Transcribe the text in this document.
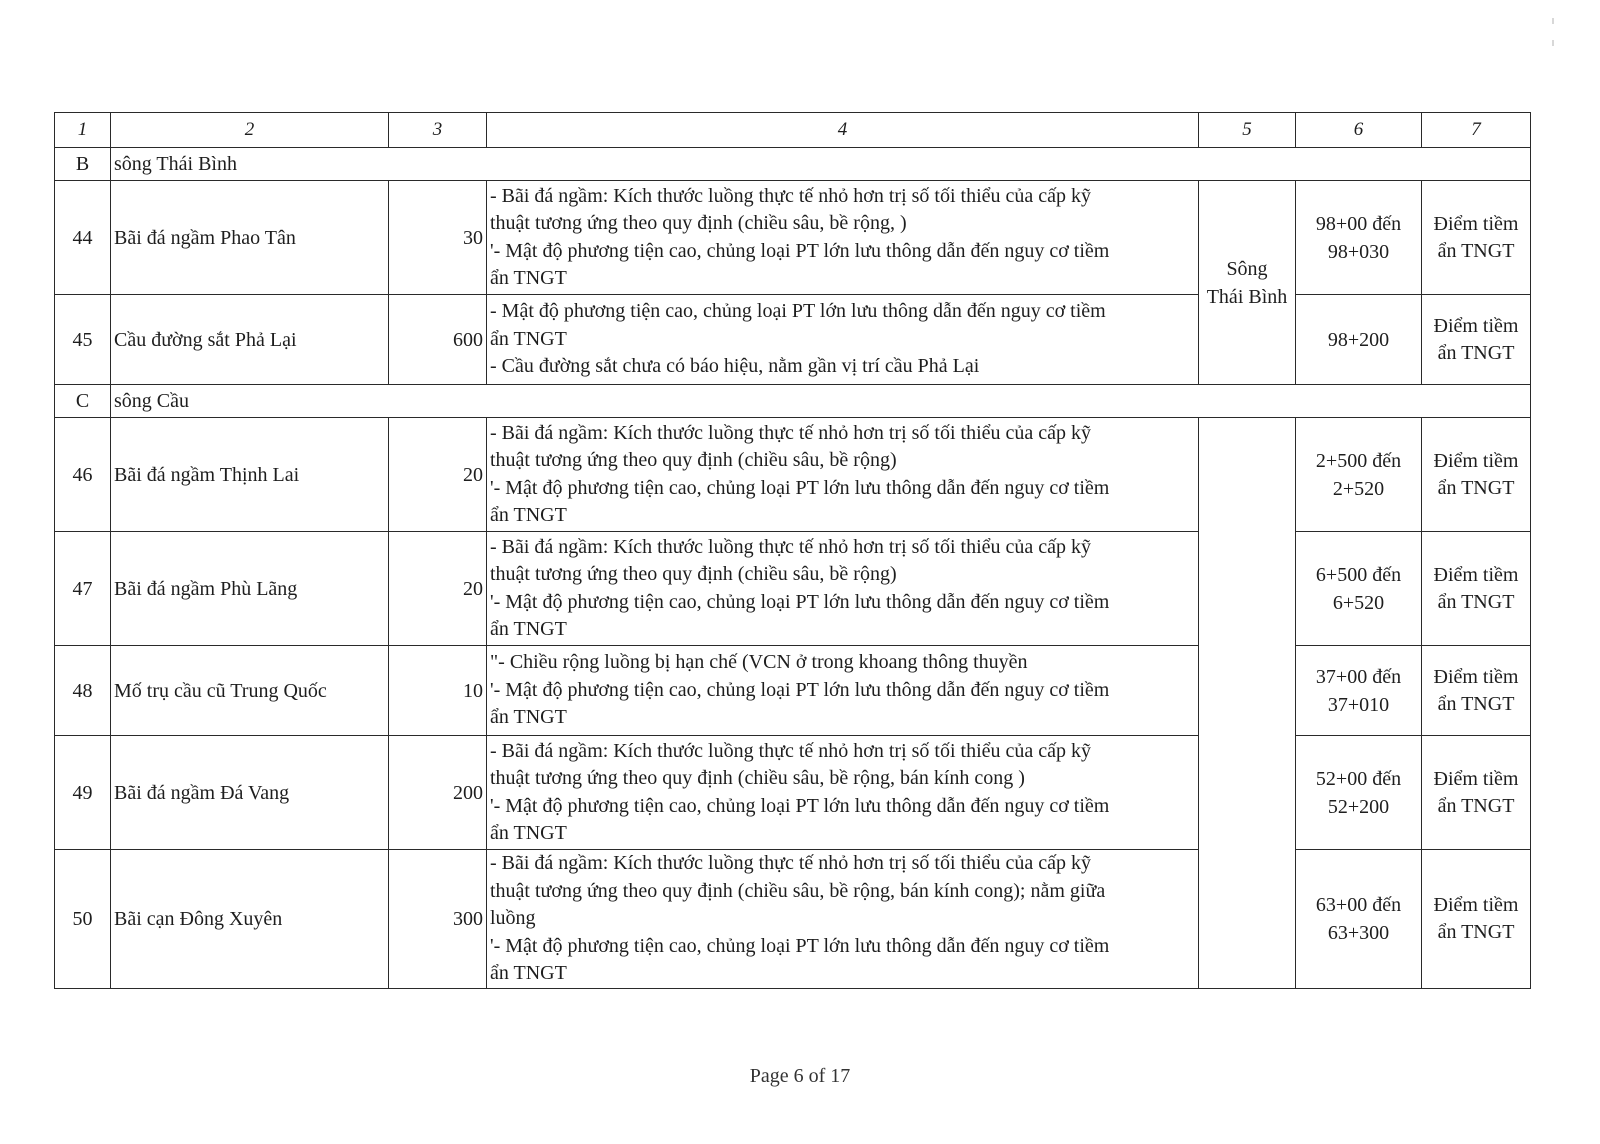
1	2	3	4	5	6	7
B	sông Thái Bình					
44	Bãi đá ngầm Phao Tân	30	- Bãi đá ngầm: Kích thước luồng thực tế nhỏ hơn trị số tối thiểu của cấp kỹ
thuật tương ứng theo quy định (chiều sâu, bề rộng, )
'- Mật độ phương tiện cao, chủng loại PT lớn lưu thông dẫn đến nguy cơ tiềm
ẩn TNGT	Sông
Thái Bình	98+00 đến
98+030	Điểm tiềm
ẩn TNGT

45	Cầu đường sắt Phả Lại	600	- Mật độ phương tiện cao, chủng loại PT lớn lưu thông dẫn đến nguy cơ tiềm
ẩn TNGT
- Cầu đường sắt chưa có báo hiệu, nằm gần vị trí cầu Phả Lại		98+200	Điểm tiềm
ẩn TNGT

C	sông Cầu					
46	Bãi đá ngầm Thịnh Lai	20	- Bãi đá ngầm: Kích thước luồng thực tế nhỏ hơn trị số tối thiểu của cấp kỹ
thuật tương ứng theo quy định (chiều sâu, bề rộng)
'- Mật độ phương tiện cao, chủng loại PT lớn lưu thông dẫn đến nguy cơ tiềm
ẩn TNGT		2+500 đến
2+520	Điểm tiềm
ẩn TNGT

47	Bãi đá ngầm Phù Lãng	20	- Bãi đá ngầm: Kích thước luồng thực tế nhỏ hơn trị số tối thiểu của cấp kỹ
thuật tương ứng theo quy định (chiều sâu, bề rộng)
'- Mật độ phương tiện cao, chủng loại PT lớn lưu thông dẫn đến nguy cơ tiềm
ẩn TNGT		6+500 đến
6+520	Điểm tiềm
ẩn TNGT

48	Mố trụ cầu cũ Trung Quốc	10	"- Chiều rộng luồng bị hạn chế (VCN ở trong khoang thông thuyền
'- Mật độ phương tiện cao, chủng loại PT lớn lưu thông dẫn đến nguy cơ tiềm
ẩn TNGT		37+00 đến
37+010	Điểm tiềm
ẩn TNGT

49	Bãi đá ngầm Đá Vang	200	- Bãi đá ngầm: Kích thước luồng thực tế nhỏ hơn trị số tối thiểu của cấp kỹ
thuật tương ứng theo quy định (chiều sâu, bề rộng, bán kính cong )
'- Mật độ phương tiện cao, chủng loại PT lớn lưu thông dẫn đến nguy cơ tiềm
ẩn TNGT		52+00 đến
52+200	Điểm tiềm
ẩn TNGT

50	Bãi cạn Đông Xuyên	300	- Bãi đá ngầm: Kích thước luồng thực tế nhỏ hơn trị số tối thiểu của cấp kỹ
thuật tương ứng theo quy định (chiều sâu, bề rộng, bán kính cong); nằm giữa
luồng
'- Mật độ phương tiện cao, chủng loại PT lớn lưu thông dẫn đến nguy cơ tiềm
ẩn TNGT		63+00 đến
63+300	Điểm tiềm
ẩn TNGT
Page 6 of 17
